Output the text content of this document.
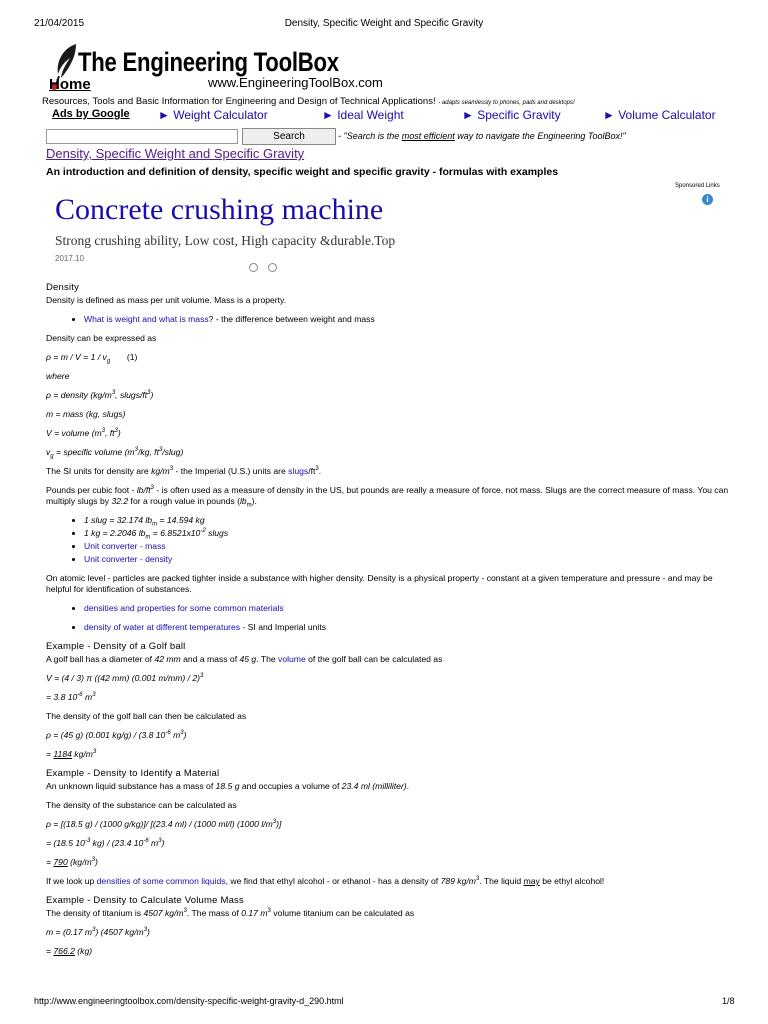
21/04/2015	Density, Specific Weight and Specific Gravity
The Engineering ToolBox
Home	www.EngineeringToolBox.com
Resources, Tools and Basic Information for Engineering and Design of Technical Applications! - adapts seamlessly to phones, pads and desktops!
Ads by Google ► Weight Calculator	► Ideal Weight	► Specific Gravity	► Volume Calculator
Search	- "Search is the most efficient way to navigate the Engineering ToolBox!"
Density, Specific Weight and Specific Gravity
An introduction and definition of density, specific weight and specific gravity - formulas with examples
Sponsored Links
i
Concrete crushing machine
Strong crushing ability, Low cost, High capacity &durable.Top
2017.10
Density

Density is defined as mass per unit volume. Mass is a property.

• What is weight and what is mass? - the difference between weight and mass

Density can be expressed as

$\rho = m / V = 1 / v_g$ (1)

where

ρ = density ($kg/m^3$, slugs/$ft^3$)

m = mass (kg, slugs)

V = volume ($m^3$, $ft^3$)

$v_g$ = specific volume ($m^3/kg$, $ft^3/slug$)

The SI units for density are $kg/m^3$ - the Imperial (U.S.) units are slugs/$ft^3$.

Pounds per cubic foot - $lb/ft^3$ - is often used as a measure of density in the US, but pounds are really a measure of force, not mass. Slugs are the correct measure of mass. You can multiply slugs by 32.2 for a rough value in pounds $(lb_m)$.

• 1 slug = 32.174 $lb_m = 14.594$ kg
• 1 kg = 2.2046 $lb_m = 6.8521x10^{-2}$ slugs
• Unit converter - mass
• Unit converter - density

On atomic level - particles are packed tighter inside a substance with higher density. Density is a physical property - constant at a given temperature and pressure - and may be helpful for identification of substances.

• densities and properties for some common materials
• density of water at different temperatures - SI and Imperial units
Example - Density of a Golf ball

A golf ball has a diameter of 42 mm and a mass of 45 g. The volume of the golf ball can be calculated as

V = (4 / 3) π ((42 mm) (0.001 m/mm) / 2)$^3$

= 3.8 $10^{-6}$ $m^3$

The density of the golf ball can then be calculated as

ρ = (45 g) (0.001 kg/g) / (3.8 $10^{-6}$ $m^3$)

= 1184 $kg/m^3$

Example - Density to Identify a Material

An unknown liquid substance has a mass of 18.5 g and occupies a volume of 23.4 ml (milliliter).

The density of the substance can be calculated as

ρ = [(18.5 g) / (1000 g/kg)]/ [(23.4 ml) / (1000 ml/l) (1000 $l/m^3$)]

= (18.5 $10^{-3}$ kg) / (23.4 $10^{-6}$ $m^3$)

= 790 $(kg/m^3)$

If we look up densities of some common liquids, we find that ethyl alcohol - or ethanol - has a density of 789 $kg/m^3$. The liquid may be ethyl alcohol!

Example - Density to Calculate Volume Mass

The density of titanium is 4507 $kg/m^3$. The mass of 0.17 $m^3$ volume titanium can be calculated as

m = (0.17 $m^3$) (4507 $kg/m^3$)

= 766.2 (kg)

http://www.engineeringtoolbox.com/density-specific-weight-gravity-d_290.html	1/8
